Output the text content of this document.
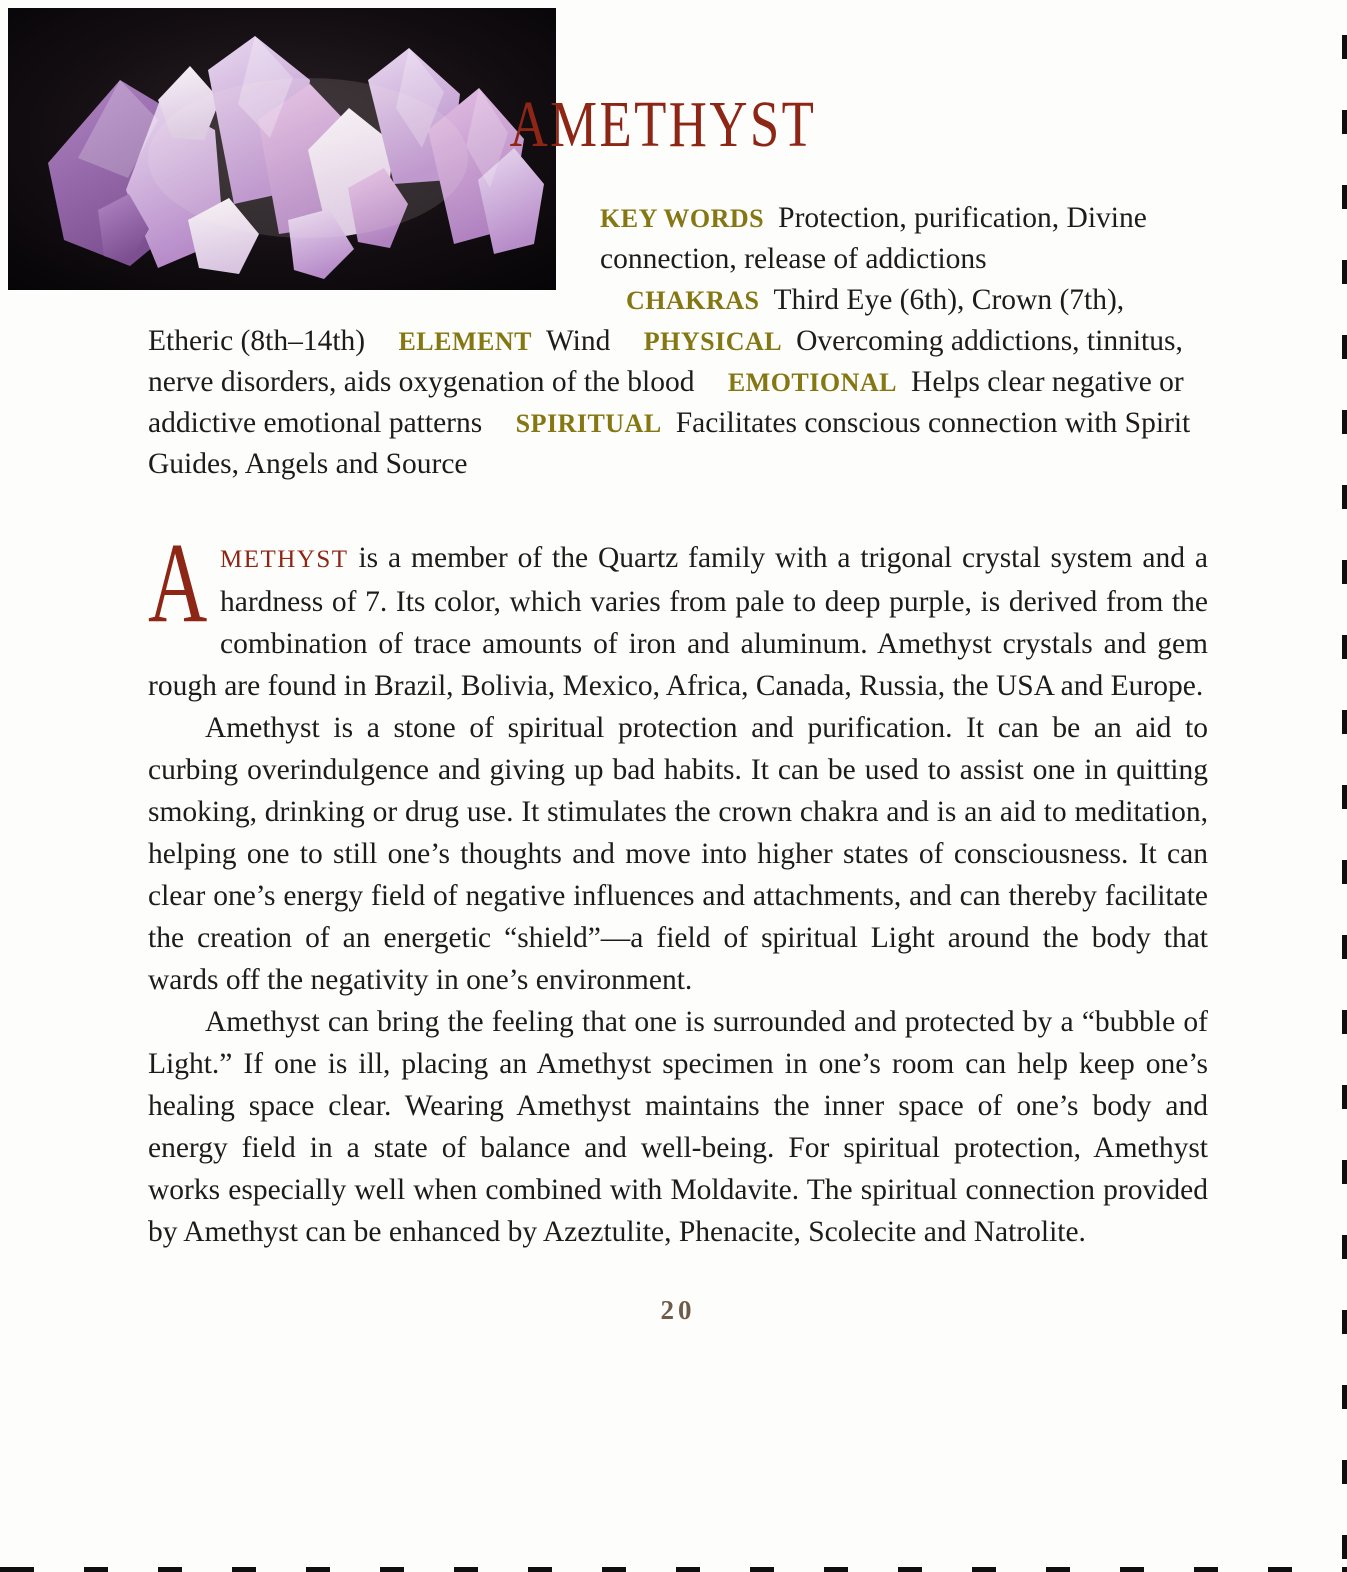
AMETHYST

KEY WORDS Protection, purification, Divine connection, release of addictions CHAKRAS Third Eye (6th), Crown (7th), Etheric (8th–14th) ELEMENT Wind PHYSICAL Overcoming addictions, tinnitus, nerve disorders, aids oxygenation of the blood EMOTIONAL Helps clear negative or addictive emotional patterns SPIRITUAL Facilitates conscious connection with Spirit Guides, Angels and Source

AMETHYST is a member of the Quartz family with a trigonal crystal system and a hardness of 7. Its color, which varies from pale to deep purple, is derived from the combination of trace amounts of iron and aluminum. Amethyst crystals and gem rough are found in Brazil, Bolivia, Mexico, Africa, Canada, Russia, the USA and Europe.

Amethyst is a stone of spiritual protection and purification. It can be an aid to curbing overindulgence and giving up bad habits. It can be used to assist one in quitting smoking, drinking or drug use. It stimulates the crown chakra and is an aid to meditation, helping one to still one’s thoughts and move into higher states of consciousness. It can clear one’s energy field of negative influences and attachments, and can thereby facilitate the creation of an energetic “shield”—a field of spiritual Light around the body that wards off the negativity in one’s environment.

Amethyst can bring the feeling that one is surrounded and protected by a “bubble of Light.” If one is ill, placing an Amethyst specimen in one’s room can help keep one’s healing space clear. Wearing Amethyst maintains the inner space of one’s body and energy field in a state of balance and well-being. For spiritual protection, Amethyst works especially well when combined with Moldavite. The spiritual connection provided by Amethyst can be enhanced by Azeztulite, Phenacite, Scolecite and Natrolite.

20
